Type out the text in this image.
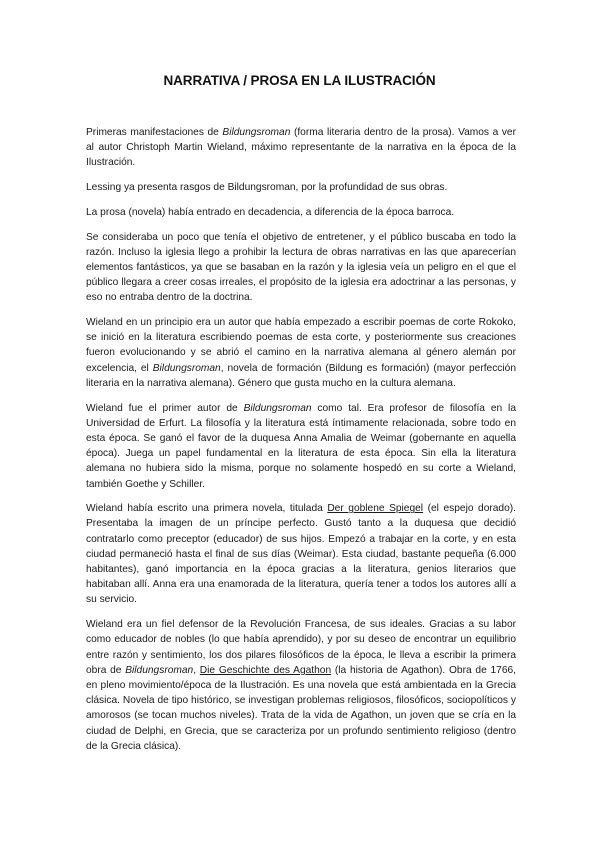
NARRATIVA / PROSA EN LA ILUSTRACIÓN

Primeras manifestaciones de Bildungsroman (forma literaria dentro de la prosa). Vamos a ver al autor Christoph Martin Wieland, máximo representante de la narrativa en la época de la Ilustración.

Lessing ya presenta rasgos de Bildungsroman, por la profundidad de sus obras.

La prosa (novela) había entrado en decadencia, a diferencia de la época barroca.

Se consideraba un poco que tenía el objetivo de entretener, y el público buscaba en todo la razón. Incluso la iglesia llego a prohibir la lectura de obras narrativas en las que aparecerían elementos fantásticos, ya que se basaban en la razón y la iglesia veía un peligro en el que el público llegara a creer cosas irreales, el propósito de la iglesia era adoctrinar a las personas, y eso no entraba dentro de la doctrina.

Wieland en un principio era un autor que había empezado a escribir poemas de corte Rokoko, se inició en la literatura escribiendo poemas de esta corte, y posteriormente sus creaciones fueron evolucionando y se abrió el camino en la narrativa alemana al género alemán por excelencia, el Bildungsroman, novela de formación (Bildung es formación) (mayor perfección literaria en la narrativa alemana). Género que gusta mucho en la cultura alemana.

Wieland fue el primer autor de Bildungsroman como tal. Era profesor de filosofía en la Universidad de Erfurt. La filosofía y la literatura está íntimamente relacionada, sobre todo en esta época. Se ganó el favor de la duquesa Anna Amalia de Weimar (gobernante en aquella época). Juega un papel fundamental en la literatura de esta época. Sin ella la literatura alemana no hubiera sido la misma, porque no solamente hospedó en su corte a Wieland, también Goethe y Schiller.

Wieland había escrito una primera novela, titulada Der goblene Spiegel (el espejo dorado). Presentaba la imagen de un príncipe perfecto. Gustó tanto a la duquesa que decidió contratarlo como preceptor (educador) de sus hijos. Empezó a trabajar en la corte, y en esta ciudad permaneció hasta el final de sus días (Weimar). Esta ciudad, bastante pequeña (6.000 habitantes), ganó importancia en la época gracias a la literatura, genios literarios que habitaban allí. Anna era una enamorada de la literatura, quería tener a todos los autores allí a su servicio.

Wieland era un fiel defensor de la Revolución Francesa, de sus ideales. Gracias a su labor como educador de nobles (lo que había aprendido), y por su deseo de encontrar un equilibrio entre razón y sentimiento, los dos pilares filosóficos de la época, le lleva a escribir la primera obra de Bildungsroman, Die Geschichte des Agathon (la historia de Agathon). Obra de 1766, en pleno movimiento/época de la Ilustración. Es una novela que está ambientada en la Grecia clásica. Novela de tipo histórico, se investigan problemas religiosos, filosóficos, sociopolíticos y amorosos (se tocan muchos niveles). Trata de la vida de Agathon, un joven que se cría en la ciudad de Delphi, en Grecia, que se caracteriza por un profundo sentimiento religioso (dentro de la Grecia clásica).
